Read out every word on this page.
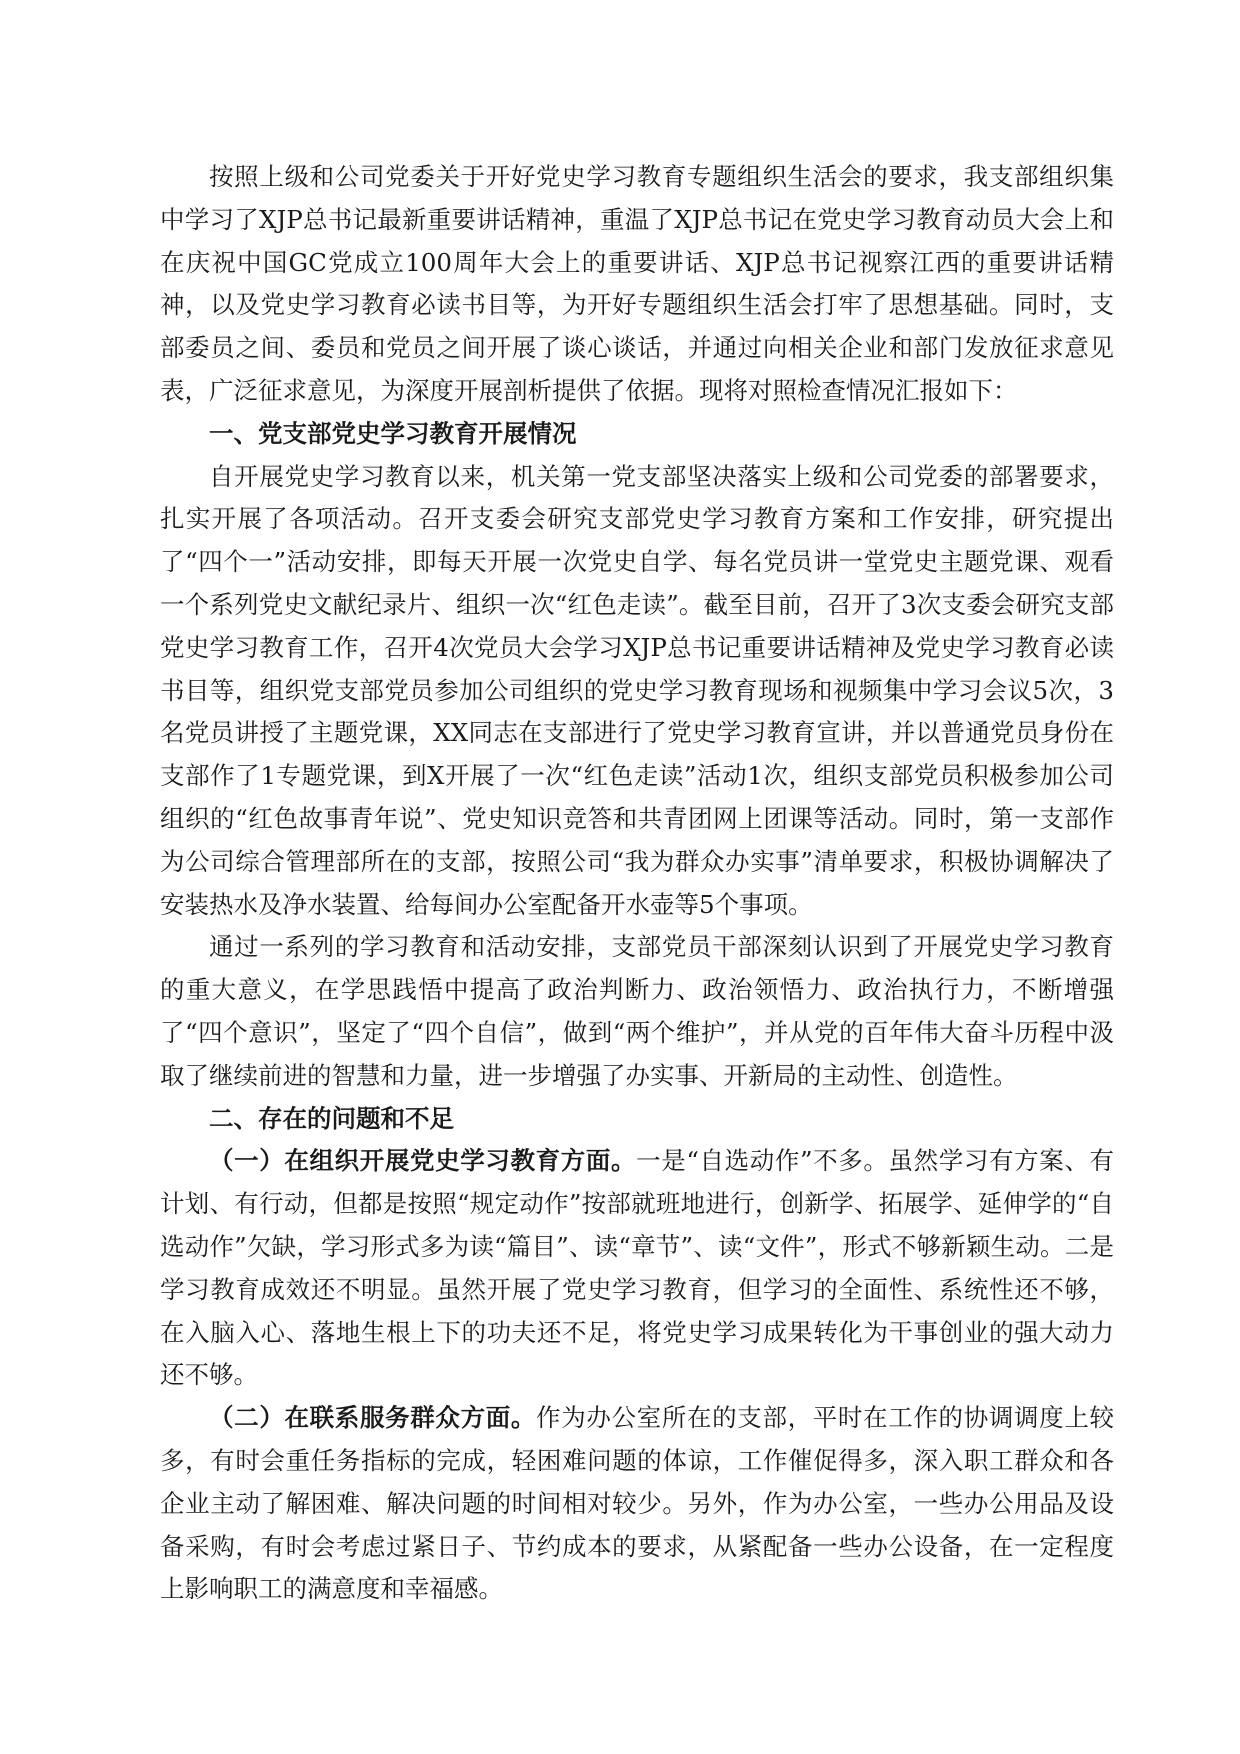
按照上级和公司党委关于开好党史学习教育专题组织生活会的要求，我支部组织集中学习了XJP总书记最新重要讲话精神，重温了XJP总书记在党史学习教育动员大会上和在庆祝中国GC党成立100周年大会上的重要讲话、XJP总书记视察江西的重要讲话精神，以及党史学习教育必读书目等，为开好专题组织生活会打牢了思想基础。同时，支部委员之间、委员和党员之间开展了谈心谈话，并通过向相关企业和部门发放征求意见表，广泛征求意见，为深度开展剖析提供了依据。现将对照检查情况汇报如下：

一、党支部党史学习教育开展情况

自开展党史学习教育以来，机关第一党支部坚决落实上级和公司党委的部署要求，扎实开展了各项活动。召开支委会研究支部党史学习教育方案和工作安排，研究提出了“四个一”活动安排，即每天开展一次党史自学、每名党员讲一堂党史主题党课、观看一个系列党史文献纪录片、组织一次“红色走读”。截至目前，召开了3次支委会研究支部党史学习教育工作，召开4次党员大会学习XJP总书记重要讲话精神及党史学习教育必读书目等，组织党支部党员参加公司组织的党史学习教育现场和视频集中学习会议5次，3名党员讲授了主题党课，XX同志在支部进行了党史学习教育宣讲，并以普通党员身份在支部作了1专题党课，到X开展了一次“红色走读”活动1次，组织支部党员积极参加公司组织的“红色故事青年说”、党史知识竞答和共青团网上团课等活动。同时，第一支部作为公司综合管理部所在的支部，按照公司“我为群众办实事”清单要求，积极协调解决了安装热水及净水装置、给每间办公室配备开水壶等5个事项。

通过一系列的学习教育和活动安排，支部党员干部深刻认识到了开展党史学习教育的重大意义，在学思践悟中提高了政治判断力、政治领悟力、政治执行力，不断增强了“四个意识”，坚定了“四个自信”，做到“两个维护”，并从党的百年伟大奋斗历程中汲取了继续前进的智慧和力量，进一步增强了办实事、开新局的主动性、创造性。

二、存在的问题和不足

（一）在组织开展党史学习教育方面。一是“自选动作”不多。虽然学习有方案、有计划、有行动，但都是按照“规定动作”按部就班地进行，创新学、拓展学、延伸学的“自选动作”欠缺，学习形式多为读“篇目”、读“章节”、读“文件”，形式不够新颖生动。二是学习教育成效还不明显。虽然开展了党史学习教育，但学习的全面性、系统性还不够，在入脑入心、落地生根上下的功夫还不足，将党史学习成果转化为干事创业的强大动力还不够。

（二）在联系服务群众方面。作为办公室所在的支部，平时在工作的协调调度上较多，有时会重任务指标的完成，轻困难问题的体谅，工作催促得多，深入职工群众和各企业主动了解困难、解决问题的时间相对较少。另外，作为办公室，一些办公用品及设备采购，有时会考虑过紧日子、节约成本的要求，从紧配备一些办公设备，在一定程度上影响职工的满意度和幸福感。
